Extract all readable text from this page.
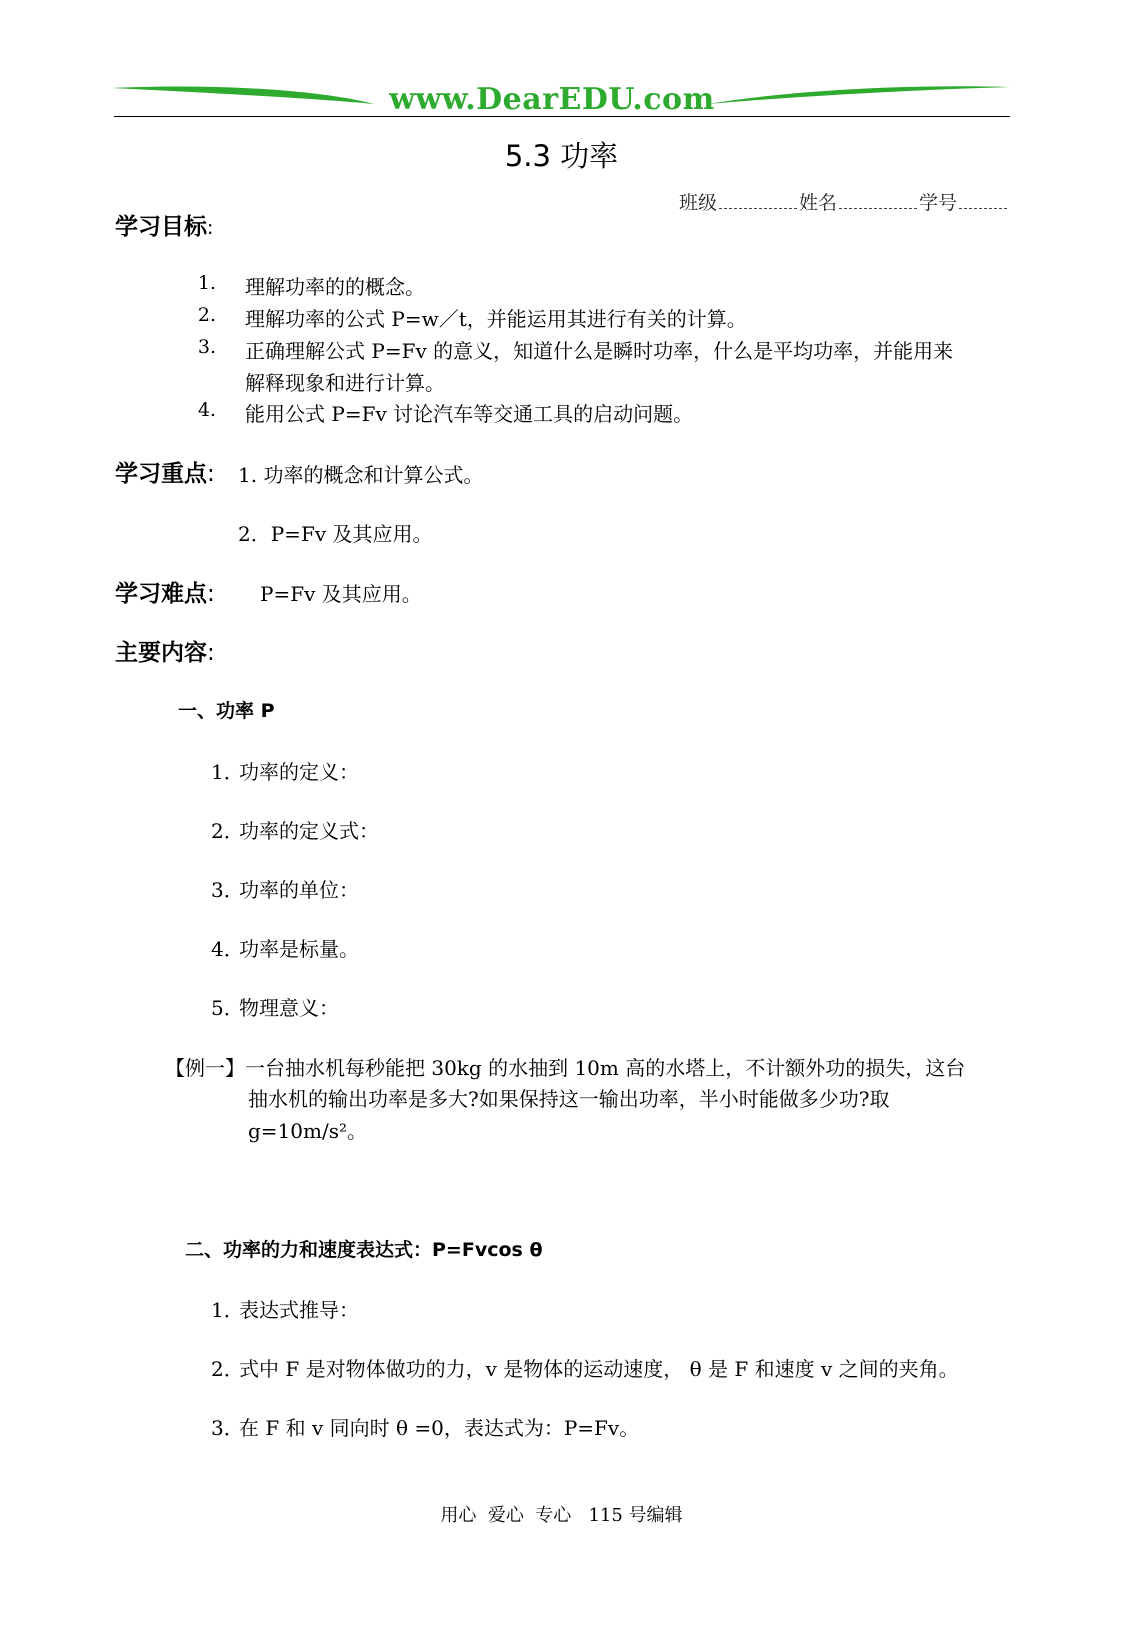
www.DearEDU.com
5.3 功率
班级	姓名	学号
学习目标:
1. 理解功率的的概念。
2. 理解功率的公式 P=w／t，并能运用其进行有关的计算。
3. 正确理解公式 P=Fv 的意义，知道什么是瞬时功率，什么是平均功率，并能用来
解释现象和进行计算。
4. 能用公式 P=Fv 讨论汽车等交通工具的启动问题。
学习重点: 1. 功率的概念和计算公式。
2．P=Fv 及其应用。
学习难点: P=Fv 及其应用。
主要内容:
一、功率 P
1．功率的定义：
2．功率的定义式：
3．功率的单位：
4．功率是标量。
5．物理意义：
【例一】 一台抽水机每秒能把 30kg 的水抽到 10m 高的水塔上，不计额外功的损失，这台
抽水机的输出功率是多大?如果保持这一输出功率，半小时能做多少功?取
g=10m/s²。
二、功率的力和速度表达式：P=Fvcos θ
1．表达式推导：
2．式中 F 是对物体做功的力，v 是物体的运动速度， θ 是 F 和速度 v 之间的夹角。
3．在 F 和 v 同向时 θ =0，表达式为：P=Fv。
用心  爱心  专心   115 号编辑
